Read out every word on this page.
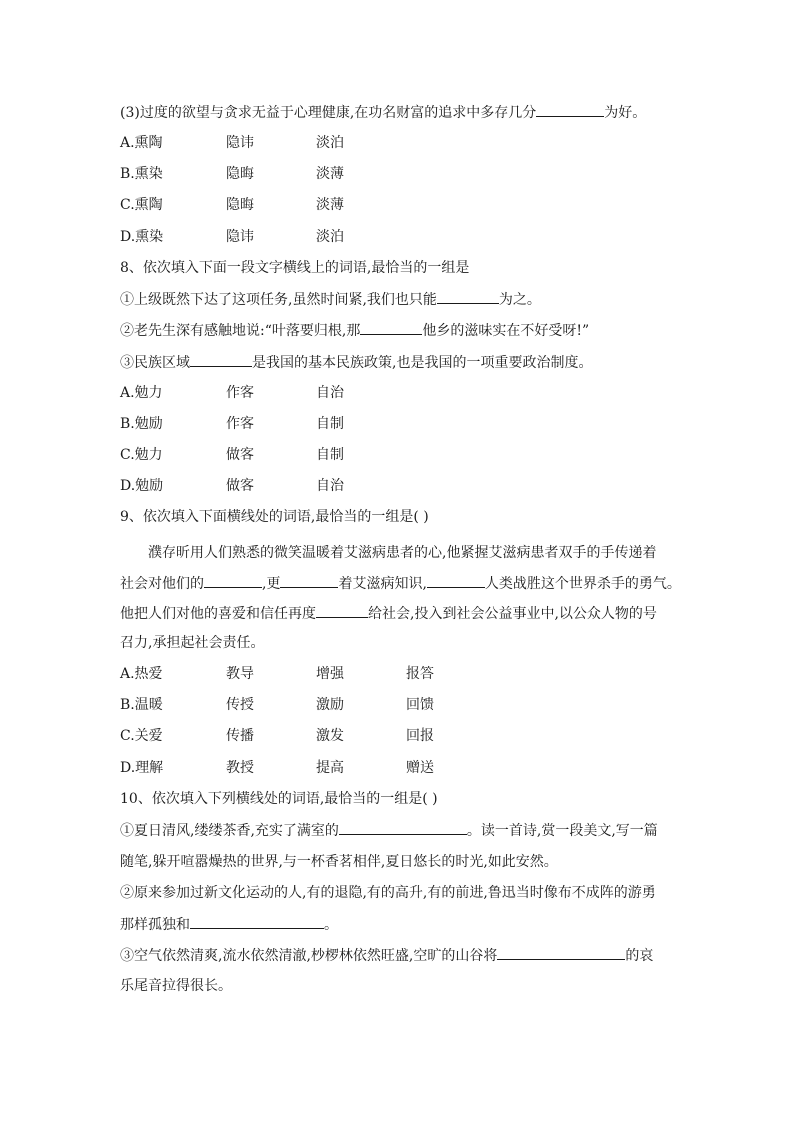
(3)过度的欲望与贪求无益于心理健康,在功名财富的追求中多存几分	为好。
A.熏陶	隐讳	淡泊
B.熏染	隐晦	淡薄
C.熏陶	隐晦	淡薄
D.熏染	隐讳	淡泊
8、依次填入下面一段文字横线上的词语,最恰当的一组是
①上级既然下达了这项任务,虽然时间紧,我们也只能	为之。
②老先生深有感触地说:“叶落要归根,那	他乡的滋味实在不好受呀!”
③民族区域	是我国的基本民族政策,也是我国的一项重要政治制度。
A.勉力	作客	自治
B.勉励	作客	自制
C.勉力	做客	自制
D.勉励	做客	自治
9、依次填入下面横线处的词语,最恰当的一组是( )
濮存昕用人们熟悉的微笑温暖着艾滋病患者的心,他紧握艾滋病患者双手的手传递着
社会对他们的	,更	着艾滋病知识,	人类战胜这个世界杀手的勇气。
他把人们对他的喜爱和信任再度	给社会,投入到社会公益事业中,以公众人物的号
召力,承担起社会责任。
A.热爱	教导	增强	报答
B.温暖	传授	激励	回馈
C.关爱	传播	激发	回报
D.理解	教授	提高	赠送
10、依次填入下列横线处的词语,最恰当的一组是( )
①夏日清风,缕缕茶香,充实了满室的	。读一首诗,赏一段美文,写一篇
随笔,躲开喧嚣燥热的世界,与一杯香茗相伴,夏日悠长的时光,如此安然。
②原来参加过新文化运动的人,有的退隐,有的高升,有的前进,鲁迅当时像布不成阵的游勇
那样孤独和	。
③空气依然清爽,流水依然清澈,杪椤林依然旺盛,空旷的山谷将	的哀
乐尾音拉得很长。
